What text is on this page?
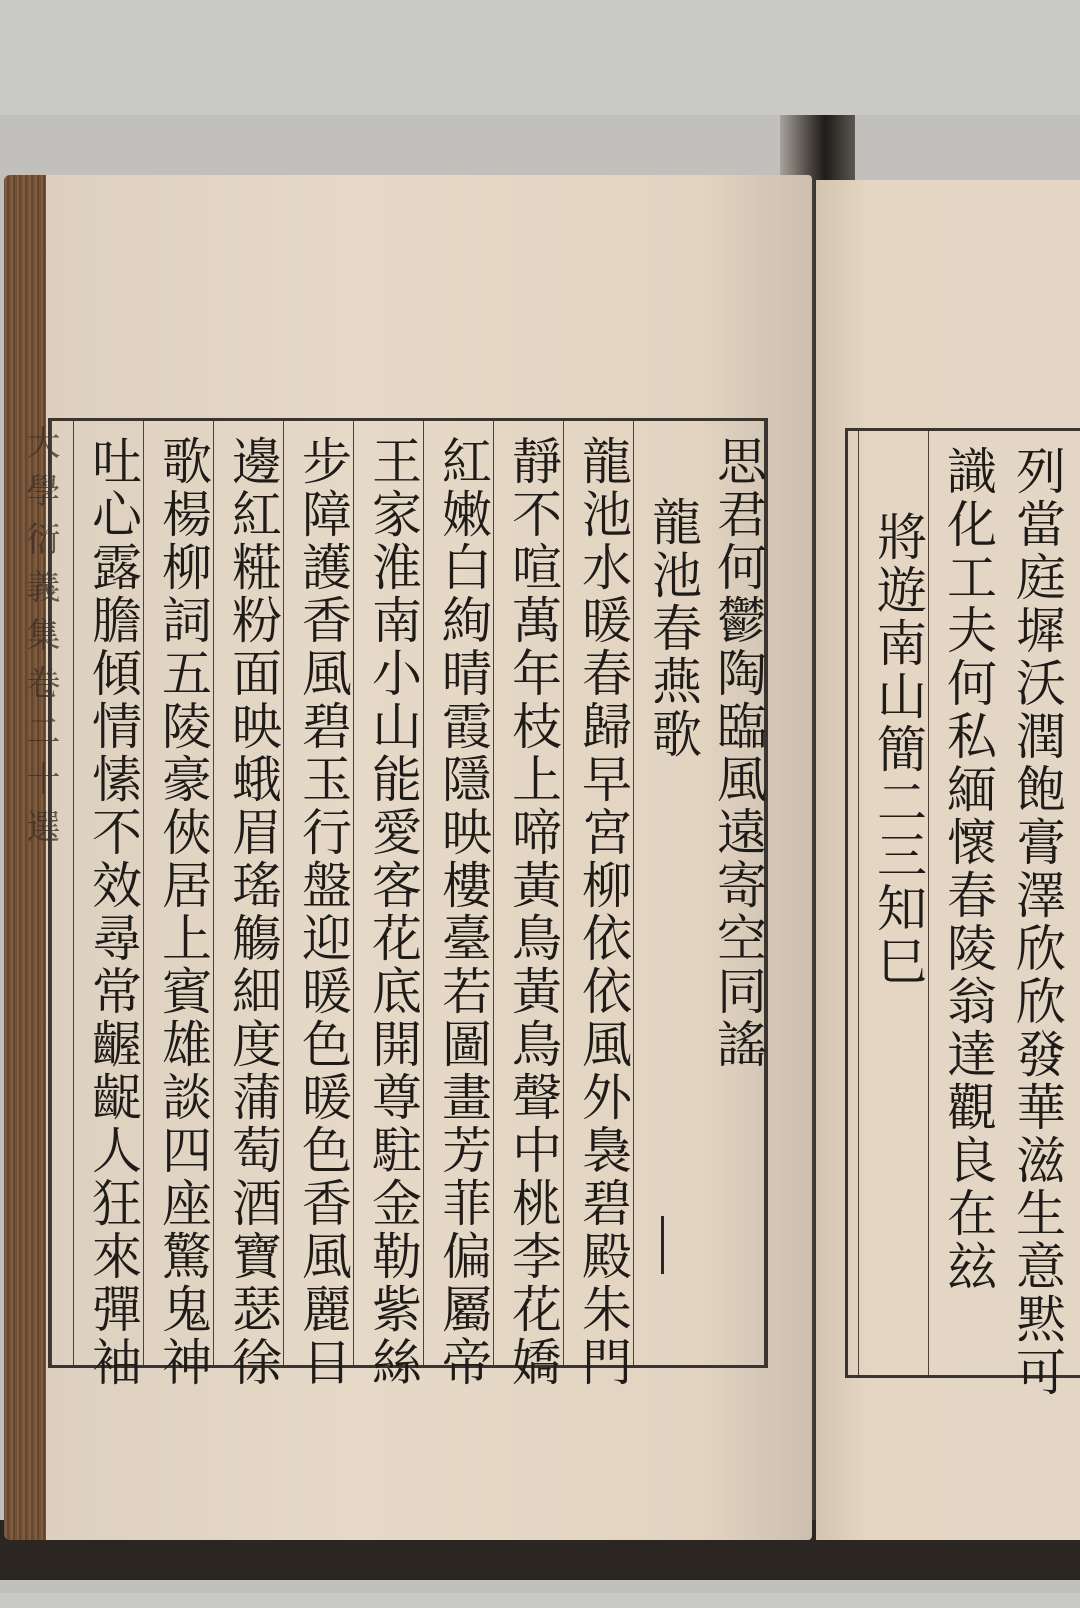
大學衍義集卷二十選	思君何鬱陶臨風遠寄空同謠
龍池春燕歌
龍池水暖春歸早宮柳依依風外裊碧殿朱門
靜不喧萬年枝上啼黃鳥黃鳥聲中桃李花嬌
紅嫩白絢晴霞隱映樓臺若圖畫芳菲偏屬帝
王家淮南小山能愛客花底開尊駐金勒紫絲
步障護香風碧玉行盤迎暖色暖色香風麗日
邊紅糚粉面映蛾眉瑤觴細度蒲萄酒寶瑟徐
歌楊柳詞五陵豪俠居上賓雄談四座驚鬼神
吐心露膽傾情愫不效尋常齷齪人狂來彈袖	列當庭墀沃潤飽膏澤欣欣發華滋生意黙可
識化工夫何私緬懷春陵翁達觀良在玆
將遊南山簡二三知巳
